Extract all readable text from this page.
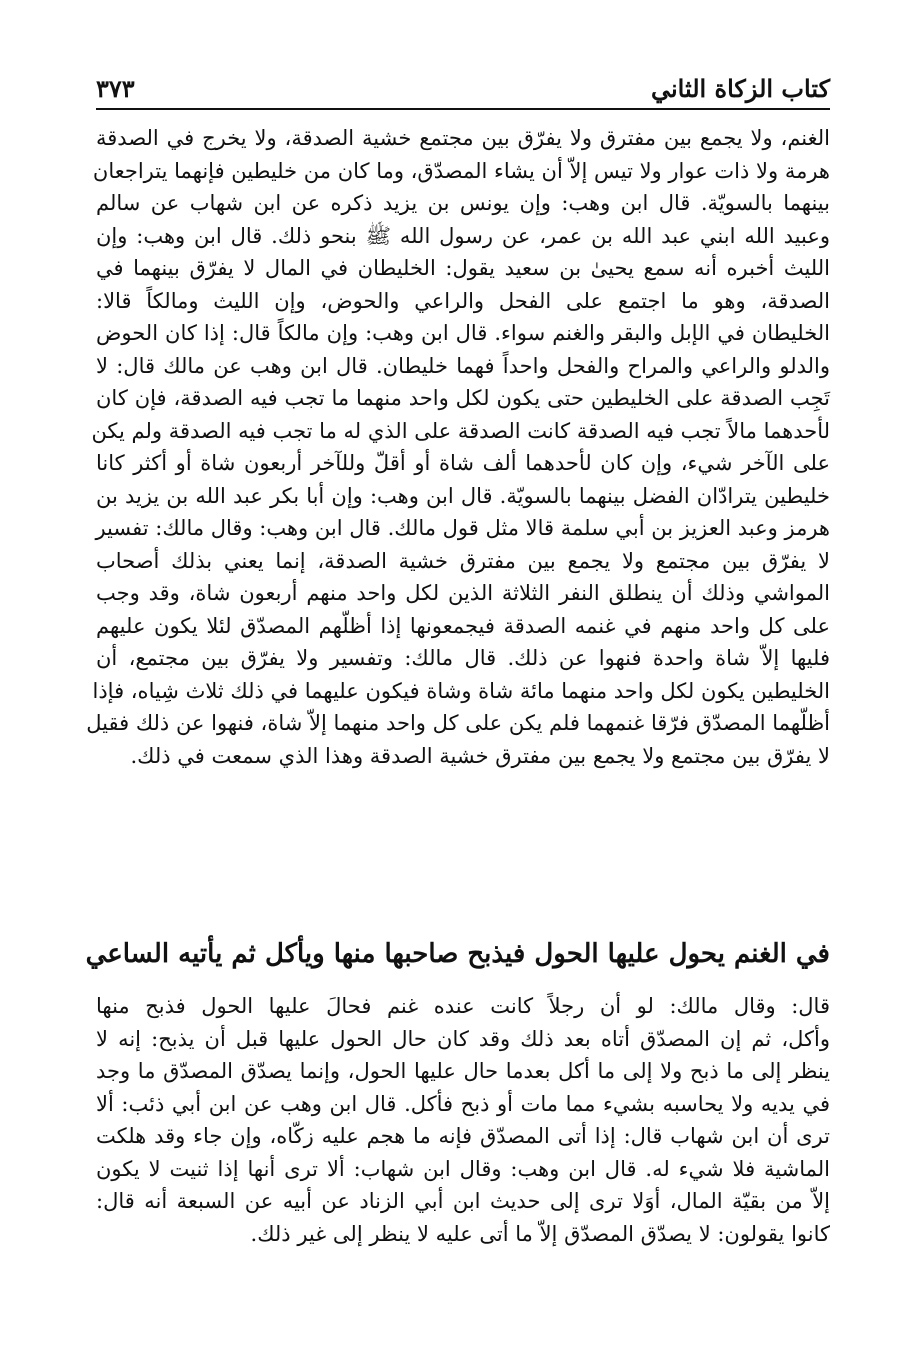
كتاب الزكاة الثاني
٣٧٣
الغنم، ولا يجمع بين مفترق ولا يفرّق بين مجتمع خشية الصدقة، ولا يخرج في الصدقة
هرمة ولا ذات عوار ولا تيس إلاّ أن يشاء المصدّق، وما كان من خليطين فإنهما يتراجعان
بينهما بالسويّة. قال ابن وهب: وإن يونس بن يزيد ذكره عن ابن شهاب عن سالم
وعبيد الله ابني عبد الله بن عمر، عن رسول الله ﷺ بنحو ذلك. قال ابن وهب: وإن
الليث أخبره أنه سمع يحيىٰ بن سعيد يقول: الخليطان في المال لا يفرّق بينهما في
الصدقة، وهو ما اجتمع على الفحل والراعي والحوض، وإن الليث ومالكاً قالا:
الخليطان في الإبل والبقر والغنم سواء. قال ابن وهب: وإن مالكاً قال: إذا كان الحوض
والدلو والراعي والمراح والفحل واحداً فهما خليطان. قال ابن وهب عن مالك قال: لا
تَجِب الصدقة على الخليطين حتى يكون لكل واحد منهما ما تجب فيه الصدقة، فإن كان
لأحدهما مالاً تجب فيه الصدقة كانت الصدقة على الذي له ما تجب فيه الصدقة ولم يكن
على الآخر شيء، وإن كان لأحدهما ألف شاة أو أقلّ وللآخر أربعون شاة أو أكثر كانا
خليطين يترادّان الفضل بينهما بالسويّة. قال ابن وهب: وإن أبا بكر عبد الله بن يزيد بن
هرمز وعبد العزيز بن أبي سلمة قالا مثل قول مالك. قال ابن وهب: وقال مالك: تفسير
لا يفرّق بين مجتمع ولا يجمع بين مفترق خشية الصدقة، إنما يعني بذلك أصحاب
المواشي وذلك أن ينطلق النفر الثلاثة الذين لكل واحد منهم أربعون شاة، وقد وجب
على كل واحد منهم في غنمه الصدقة فيجمعونها إذا أظلّهم المصدّق لئلا يكون عليهم
فليها إلاّ شاة واحدة فنهوا عن ذلك. قال مالك: وتفسير ولا يفرّق بين مجتمع، أن
الخليطين يكون لكل واحد منهما مائة شاة وشاة فيكون عليهما في ذلك ثلاث شِياه، فإذا
أظلّهما المصدّق فرّقا غنمهما فلم يكن على كل واحد منهما إلاّ شاة، فنهوا عن ذلك فقيل
لا يفرّق بين مجتمع ولا يجمع بين مفترق خشية الصدقة وهذا الذي سمعت في ذلك.
في الغنم يحول عليها الحول فيذبح صاحبها منها ويأكل ثم يأتيه الساعي
قال: وقال مالك: لو أن رجلاً كانت عنده غنم فحالَ عليها الحول فذبح منها
وأكل، ثم إن المصدّق أتاه بعد ذلك وقد كان حال الحول عليها قبل أن يذبح: إنه لا
ينظر إلى ما ذبح ولا إلى ما أكل بعدما حال عليها الحول، وإنما يصدّق المصدّق ما وجد
في يديه ولا يحاسبه بشيء مما مات أو ذبح فأكل. قال ابن وهب عن ابن أبي ذئب: ألا
ترى أن ابن شهاب قال: إذا أتى المصدّق فإنه ما هجم عليه زكّاه، وإن جاء وقد هلكت
الماشية فلا شيء له. قال ابن وهب: وقال ابن شهاب: ألا ترى أنها إذا ثنيت لا يكون
إلاّ من بقيّة المال، أوَلا ترى إلى حديث ابن أبي الزناد عن أبيه عن السبعة أنه قال:
كانوا يقولون: لا يصدّق المصدّق إلاّ ما أتى عليه لا ينظر إلى غير ذلك.
